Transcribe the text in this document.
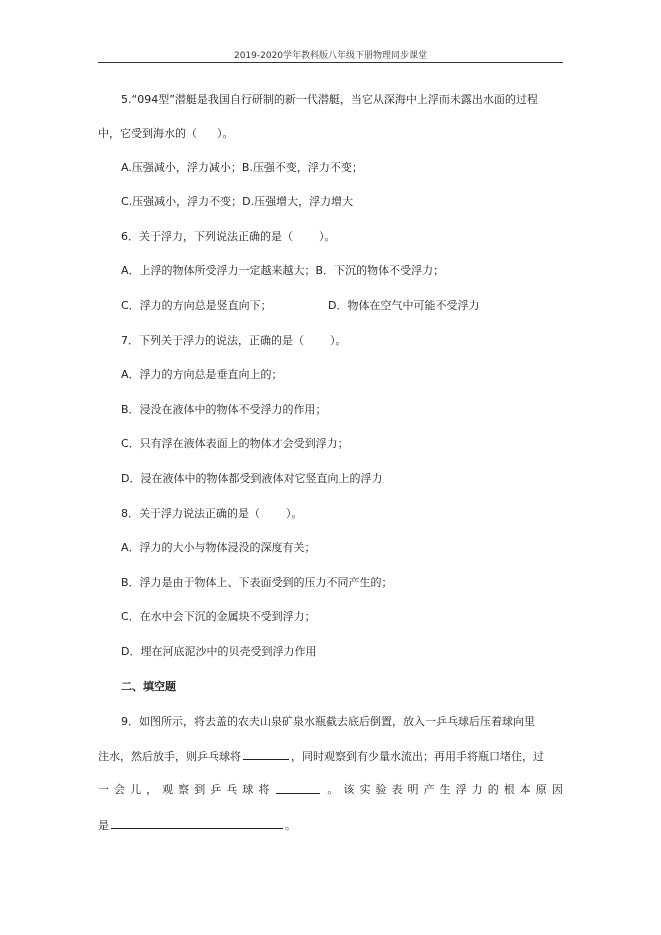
2019-2020学年教科版八年级下册物理同步课堂
5.“094型”潜艇是我国自行研制的新一代潜艇，当它从深海中上浮而未露出水面的过程
中，它受到海水的（ ）。
A.压强减小，浮力减小；B.压强不变，浮力不变；
C.压强减小，浮力不变；D.压强增大，浮力增大
6．关于浮力，下列说法正确的是（ ）。
A．上浮的物体所受浮力一定越来越大；B．下沉的物体不受浮力；
C．浮力的方向总是竖直向下；	D．物体在空气中可能不受浮力
7．下列关于浮力的说法，正确的是（ ）。
A．浮力的方向总是垂直向上的；
B．浸没在液体中的物体不受浮力的作用；
C．只有浮在液体表面上的物体才会受到浮力；
D．浸在液体中的物体都受到液体对它竖直向上的浮力
8．关于浮力说法正确的是（ ）。
A．浮力的大小与物体浸没的深度有关；
B．浮力是由于物体上、下表面受到的压力不同产生的；
C．在水中会下沉的金属块不受到浮力；
D．埋在河底泥沙中的贝壳受到浮力作用
二、填空题
9．如图所示，将去盖的农夫山泉矿泉水瓶截去底后倒置，放入一乒乓球后压着球向里
注水，然后放手，则乒乓球将	，同时观察到有少量水流出；再用手将瓶口堵住，过
一 会 儿 ， 观 察 到 乒 乓 球 将	。 该 实 验 表 明 产 生 浮 力 的 根 本 原 因
是	。
